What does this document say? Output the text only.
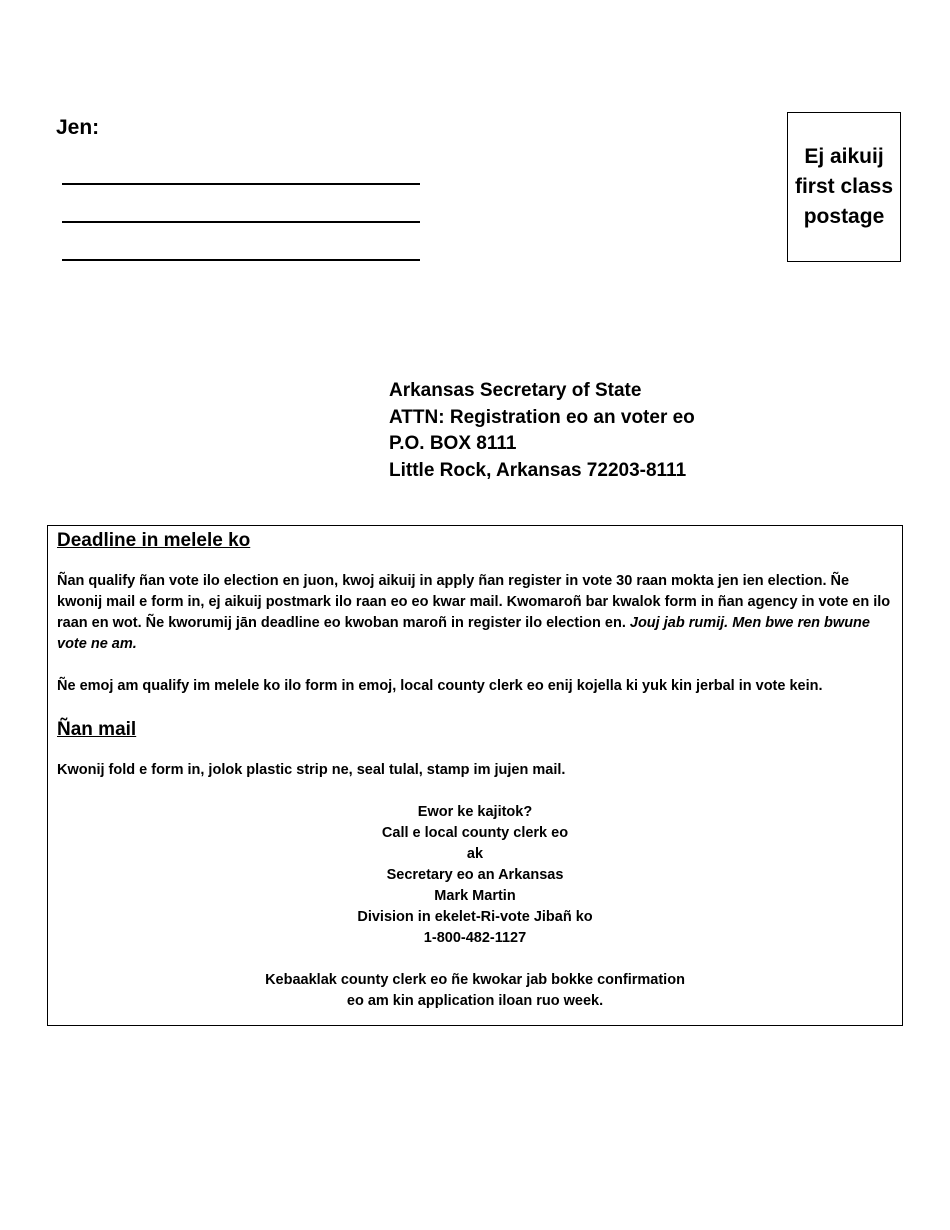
Jen:
Ej aikuij
first class
postage
Arkansas Secretary of State
ATTN: Registration eo an voter eo
P.O. BOX 8111
Little Rock, Arkansas 72203-8111
Deadline in melele ko

Ñan qualify ñan vote ilo election en juon, kwoj aikuij in apply ñan register in vote 30 raan mokta jen ien election. Ñe kwonij mail e form in, ej aikuij postmark ilo raan eo eo kwar mail. Kwomaroñ bar kwalok form in ñan agency in vote en ilo raan en wot. Ñe kworumij jān deadline eo kwoban maroñ in register ilo election en. Jouj jab rumij. Men bwe ren bwune vote ne am.

Ñe emoj am qualify im melele ko ilo form in emoj, local county clerk eo enij kojella ki yuk kin jerbal in vote kein.

Ñan mail

Kwonij fold e form in, jolok plastic strip ne, seal tulal, stamp im jujen mail.

Ewor ke kajitok?
Call e local county clerk eo
ak
Secretary eo an Arkansas
Mark Martin
Division in ekelet-Ri-vote Jibañ ko
1-800-482-1127
Kebaaklak county clerk eo ñe kwokar jab bokke confirmation
eo am kin application iloan ruo week.
